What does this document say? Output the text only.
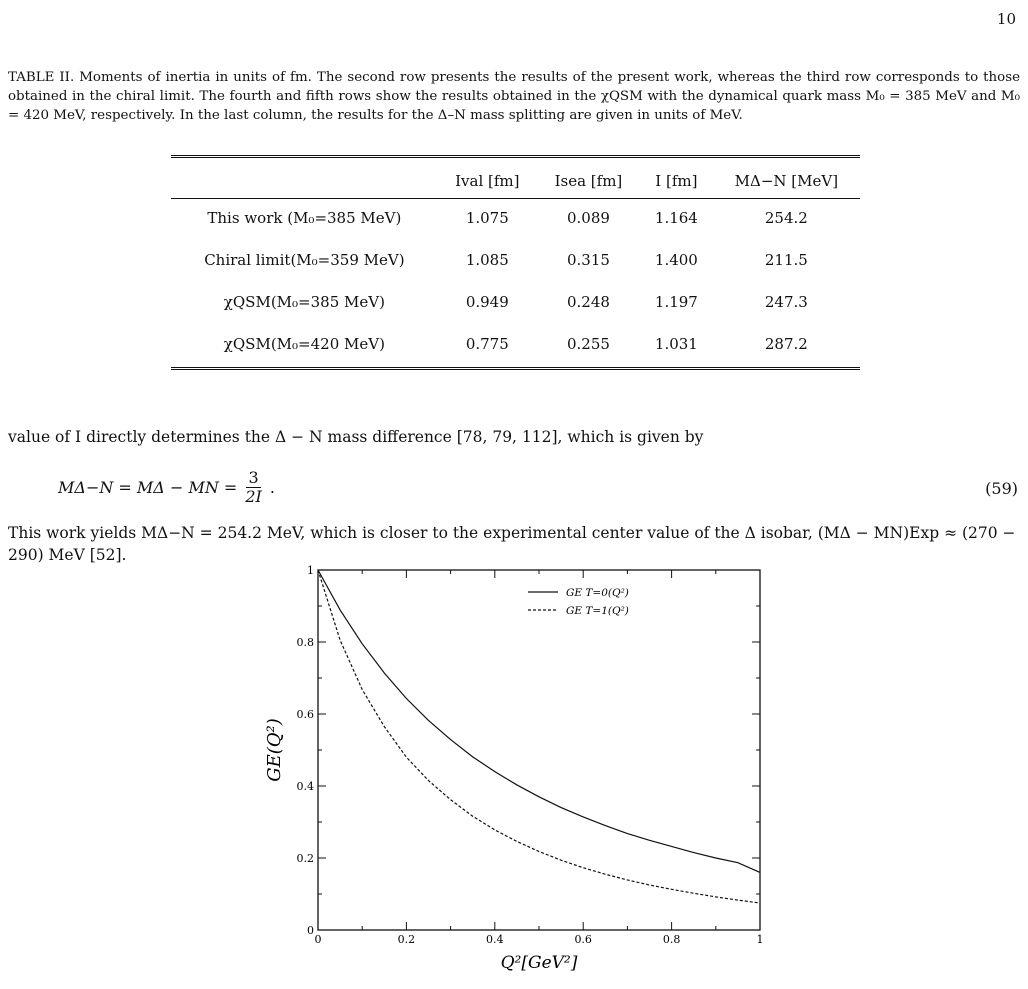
10
TABLE II. Moments of inertia in units of fm. The second row presents the results of the present work, whereas the third row corresponds to those obtained in the chiral limit. The fourth and fifth rows show the results obtained in the χQSM with the dynamical quark mass M₀ = 385 MeV and M₀ = 420 MeV, respectively. In the last column, the results for the Δ–N mass splitting are given in units of MeV.
	Ival [fm]	Isea [fm]	I [fm]	MΔ−N [MeV]
This work (M₀=385 MeV)	1.075	0.089	1.164	254.2
Chiral limit(M₀=359 MeV)	1.085	0.315	1.400	211.5
χQSM(M₀=385 MeV)	0.949	0.248	1.197	247.3
χQSM(M₀=420 MeV)	0.775	0.255	1.031	287.2
value of I directly determines the Δ − N mass difference [78, 79, 112], which is given by
MΔ−N = MΔ − MN = $\frac{3}{2I}$ .	(59)
This work yields MΔ−N = 254.2 MeV, which is closer to the experimental center value of the Δ isobar, (MΔ − MN)Exp ≈ (270 − 290) MeV [52].
0	0.2	0.4	0.6	0.8	1
0
0.2
0.4
0.6
0.8
1
Q²[GeV²]
GE(Q²)
GE T=0(Q²)
GE T=1(Q²)
